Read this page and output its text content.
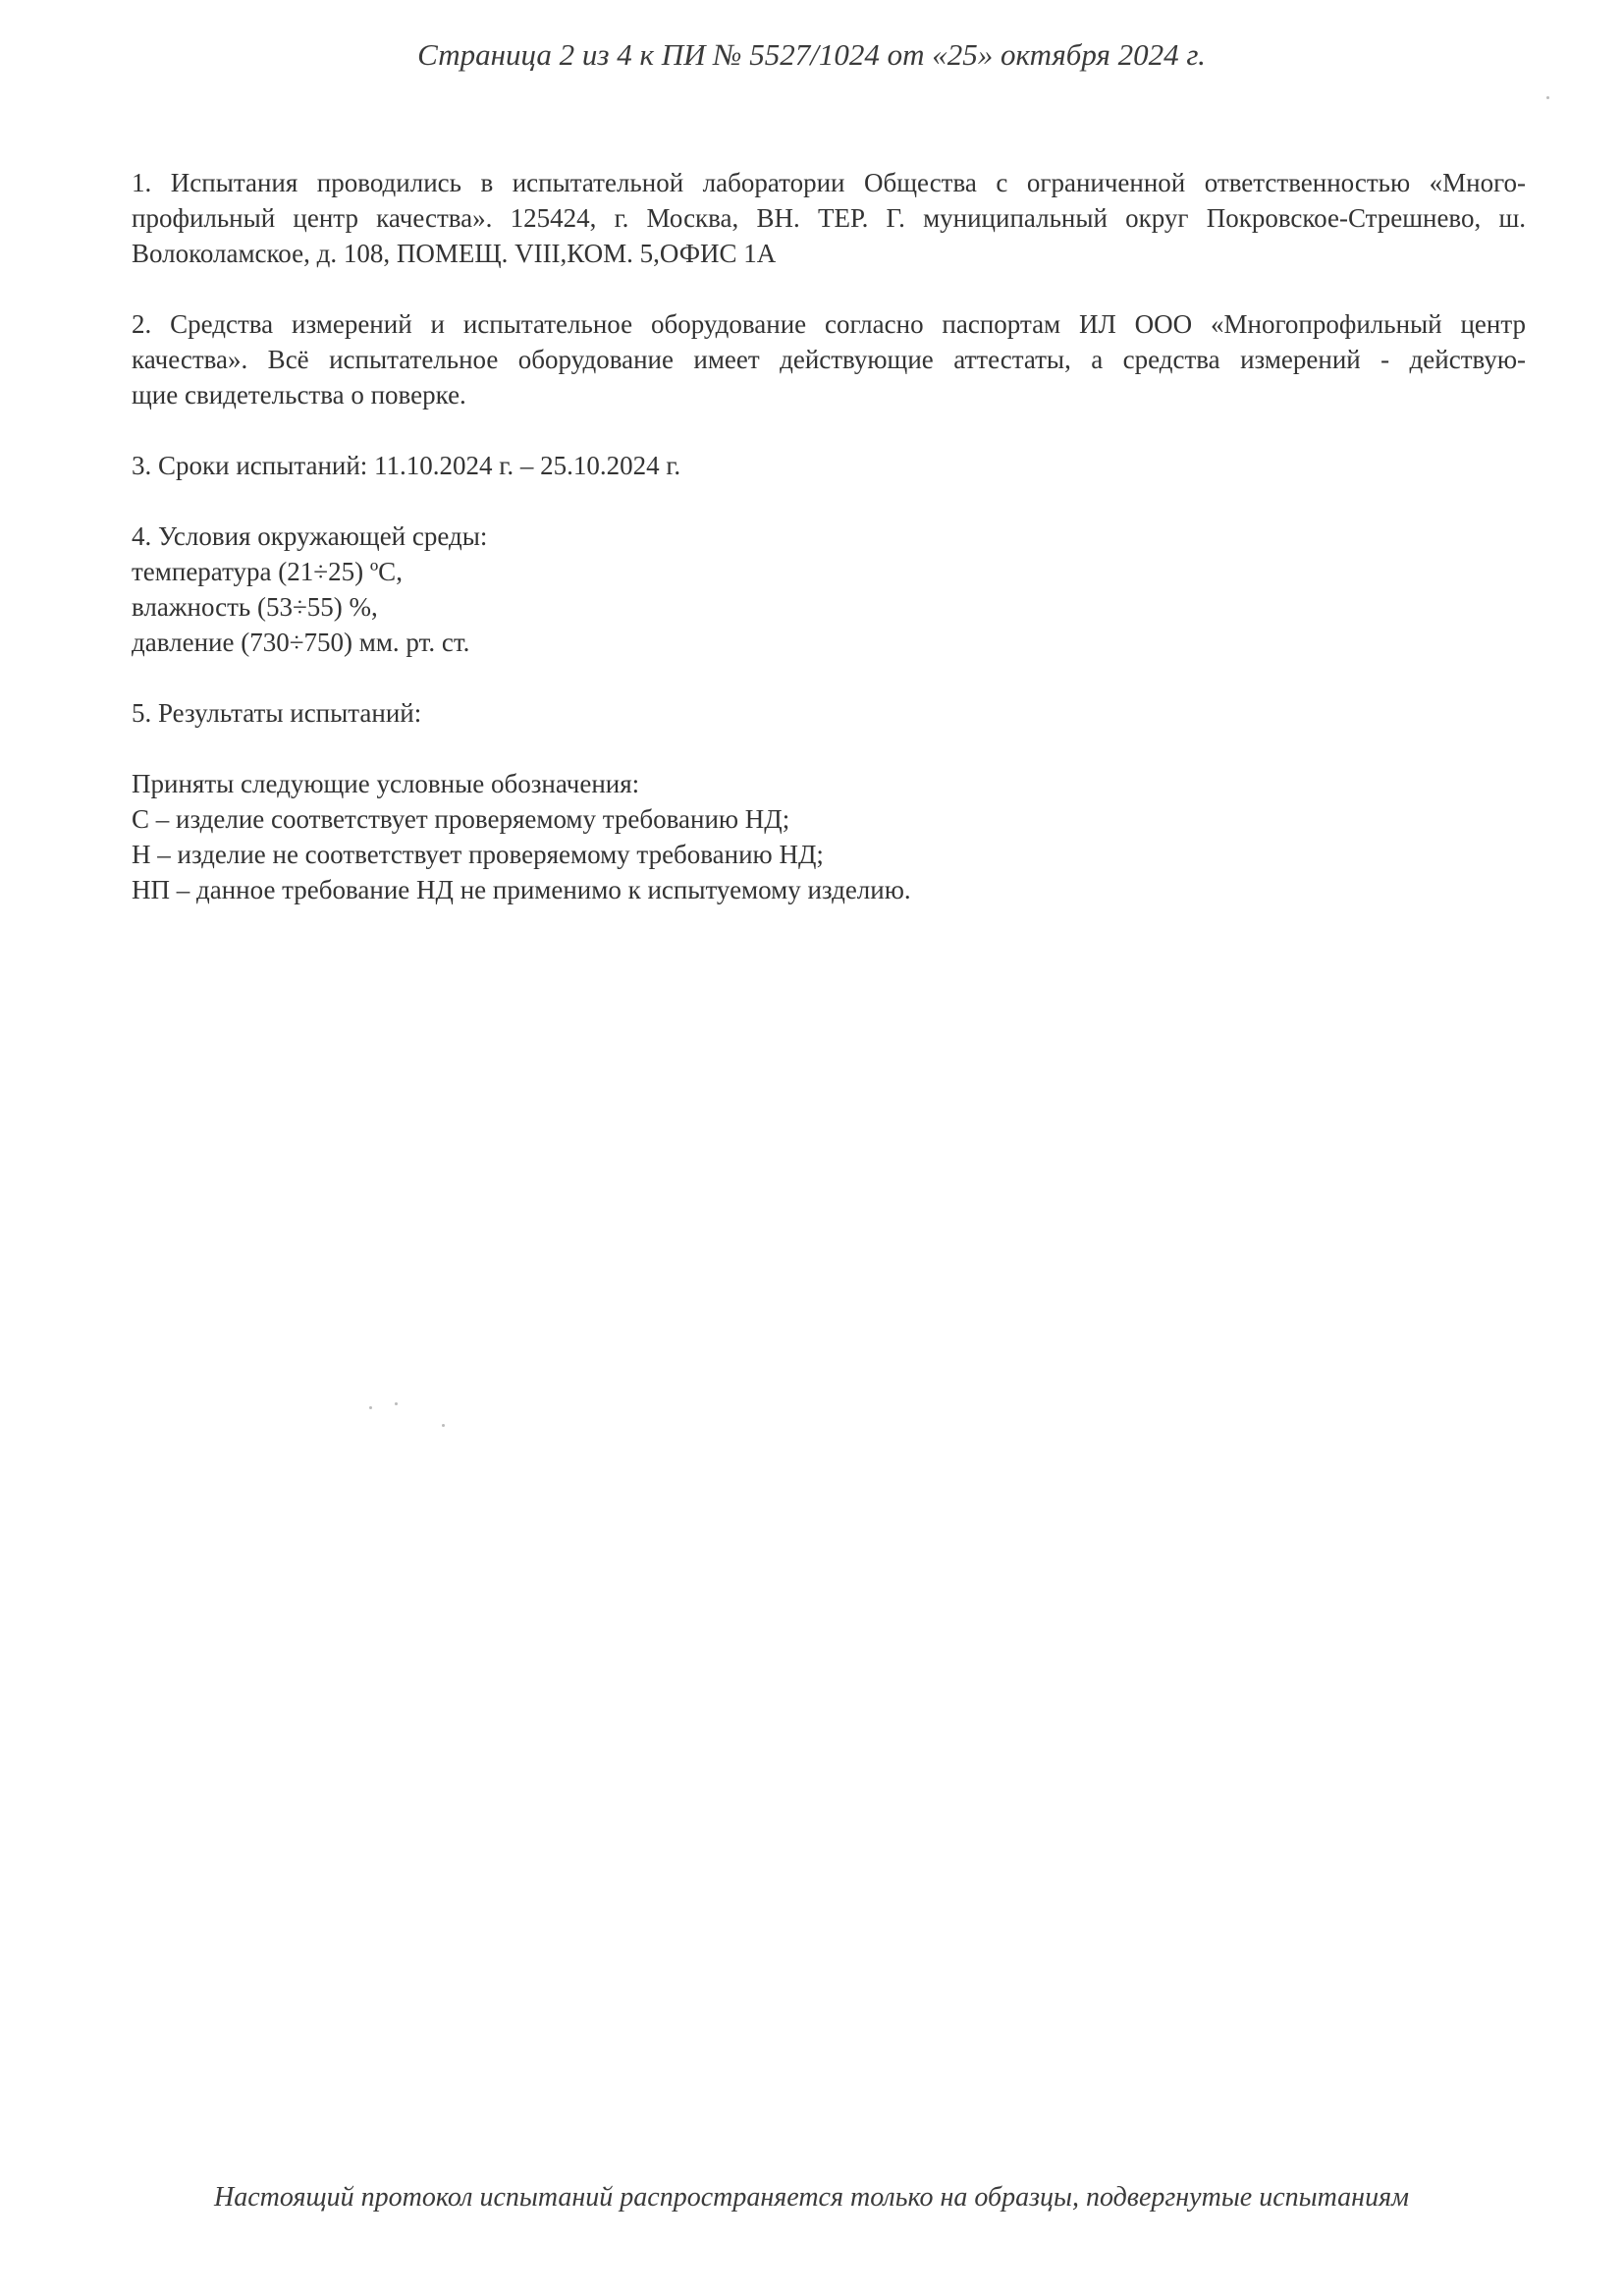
Страница 2 из 4 к ПИ № 5527/1024 от «25» октября 2024 г.
1. Испытания проводились в испытательной лаборатории Общества с ограниченной ответственностью «Много-
профильный центр качества». 125424, г. Москва, ВН. ТЕР. Г. муниципальный округ Покровское-Стрешнево, ш.
Волоколамское, д. 108, ПОМЕЩ. VIII,КОМ. 5,ОФИС 1А
2. Средства измерений и испытательное оборудование согласно паспортам ИЛ ООО «Многопрофильный центр
качества». Всё испытательное оборудование имеет действующие аттестаты, а средства измерений - действую-
щие свидетельства о поверке.
3. Сроки испытаний: 11.10.2024 г. – 25.10.2024 г.
4. Условия окружающей среды:
температура (21÷25) ºС,
влажность (53÷55) %,
давление (730÷750) мм. рт. ст.
5. Результаты испытаний:
Приняты следующие условные обозначения:
С – изделие соответствует проверяемому требованию НД;
Н – изделие не соответствует проверяемому требованию НД;
НП – данное требование НД не применимо к испытуемому изделию.
Настоящий протокол испытаний распространяется только на образцы, подвергнутые испытаниям
